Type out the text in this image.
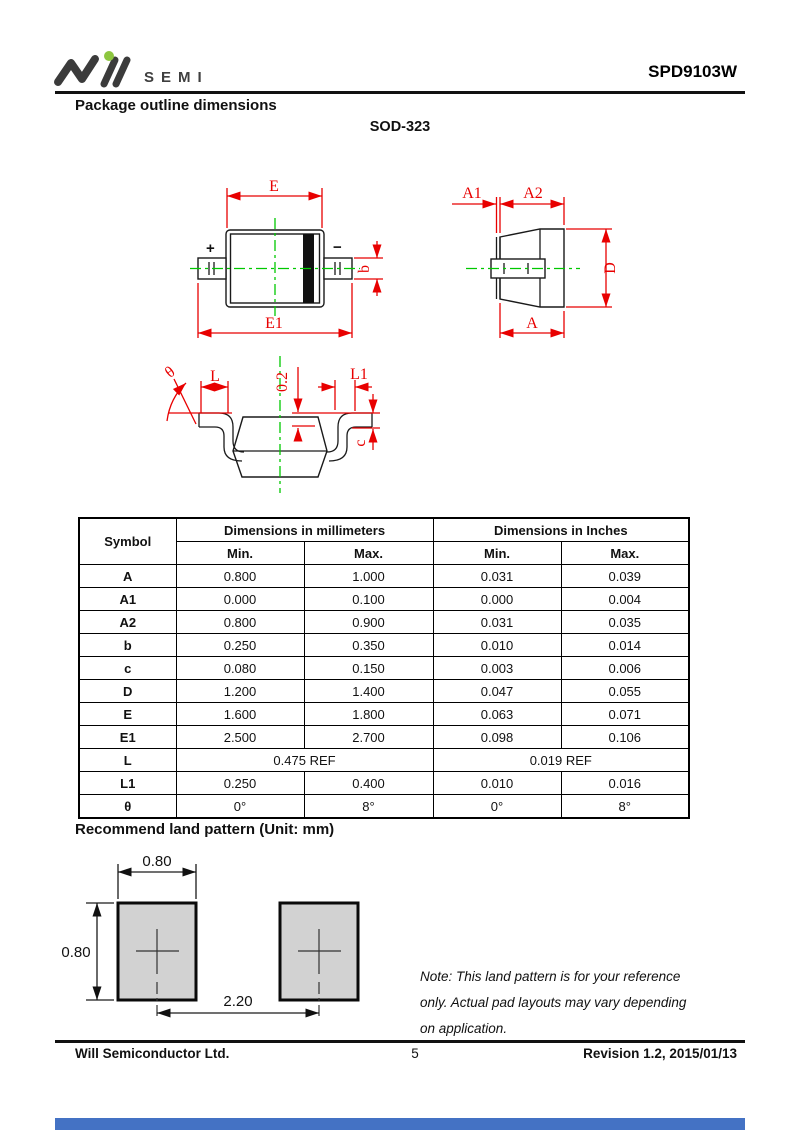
SEMI	SPD9103W
Package outline dimensions
SOD-323
+	−
E
E1
b
A1	A2
D
A
θ L	0.2	L1
c
Symbol	Dimensions in millimeters		Dimensions in Inches	
	Min.	Max.	Min.	Max.
A	0.800	1.000	0.031	0.039
A1	0.000	0.100	0.000	0.004
A2	0.800	0.900	0.031	0.035
b	0.250	0.350	0.010	0.014
c	0.080	0.150	0.003	0.006
D	1.200	1.400	0.047	0.055
E	1.600	1.800	0.063	0.071
E1	2.500	2.700	0.098	0.106
L	0.475 REF		0.019 REF	
L1	0.250	0.400	0.010	0.016
θ	0°	8°	0°	8°
Recommend land pattern (Unit: mm)
0.80
0.80
2.20
Note: This land pattern is for your reference
only. Actual pad layouts may vary depending
on application.
Will Semiconductor Ltd.	5	Revision 1.2, 2015/01/13
